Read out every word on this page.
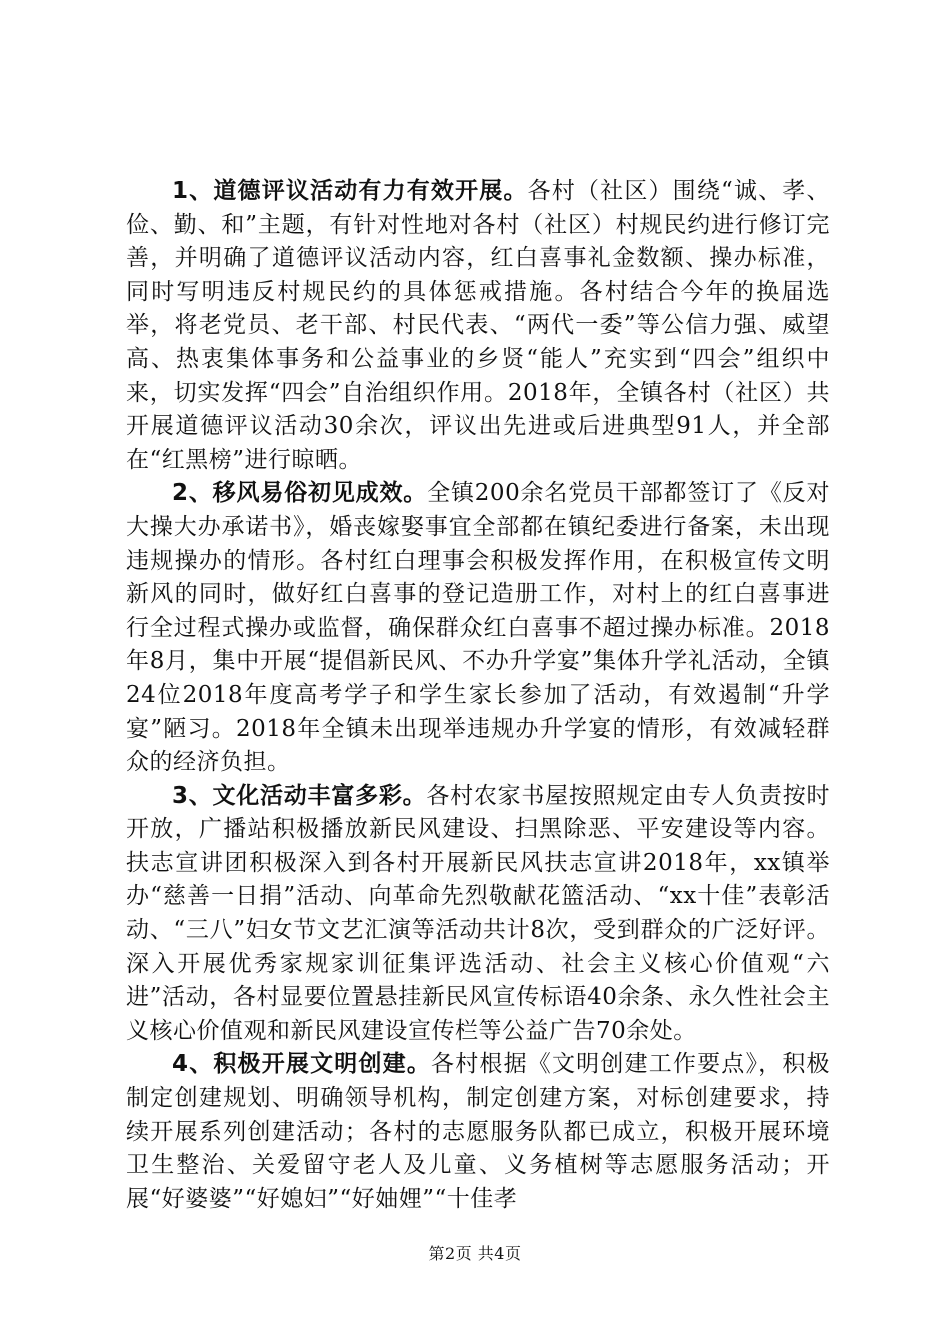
1、道德评议活动有力有效开展。各村（社区）围绕“诚、孝、俭、勤、和”主题，有针对性地对各村（社区）村规民约进行修订完善，并明确了道德评议活动内容，红白喜事礼金数额、操办标准，同时写明违反村规民约的具体惩戒措施。各村结合今年的换届选举，将老党员、老干部、村民代表、“两代一委”等公信力强、威望高、热衷集体事务和公益事业的乡贤“能人”充实到“四会”组织中来，切实发挥“四会”自治组织作用。2018年，全镇各村（社区）共开展道德评议活动30余次，评议出先进或后进典型91人，并全部在“红黑榜”进行晾晒。

2、移风易俗初见成效。全镇200余名党员干部都签订了《反对大操大办承诺书》，婚丧嫁娶事宜全部都在镇纪委进行备案，未出现违规操办的情形。各村红白理事会积极发挥作用，在积极宣传文明新风的同时，做好红白喜事的登记造册工作，对村上的红白喜事进行全过程式操办或监督，确保群众红白喜事不超过操办标准。2018年8月，集中开展“提倡新民风、不办升学宴”集体升学礼活动，全镇24位2018年度高考学子和学生家长参加了活动，有效遏制“升学宴”陋习。2018年全镇未出现举违规办升学宴的情形，有效减轻群众的经济负担。

3、文化活动丰富多彩。各村农家书屋按照规定由专人负责按时开放，广播站积极播放新民风建设、扫黑除恶、平安建设等内容。扶志宣讲团积极深入到各村开展新民风扶志宣讲2018年，xx镇举办“慈善一日捐”活动、向革命先烈敬献花篮活动、“xx十佳”表彰活动、“三八”妇女节文艺汇演等活动共计8次，受到群众的广泛好评。深入开展优秀家规家训征集评选活动、社会主义核心价值观“六进”活动，各村显要位置悬挂新民风宣传标语40余条、永久性社会主义核心价值观和新民风建设宣传栏等公益广告70余处。

4、积极开展文明创建。各村根据《文明创建工作要点》，积极制定创建规划、明确领导机构，制定创建方案，对标创建要求，持续开展系列创建活动；各村的志愿服务队都已成立，积极开展环境卫生整治、关爱留守老人及儿童、义务植树等志愿服务活动；开展“好婆婆”“好媳妇”“好妯娌”“十佳孝

第2页 共4页
